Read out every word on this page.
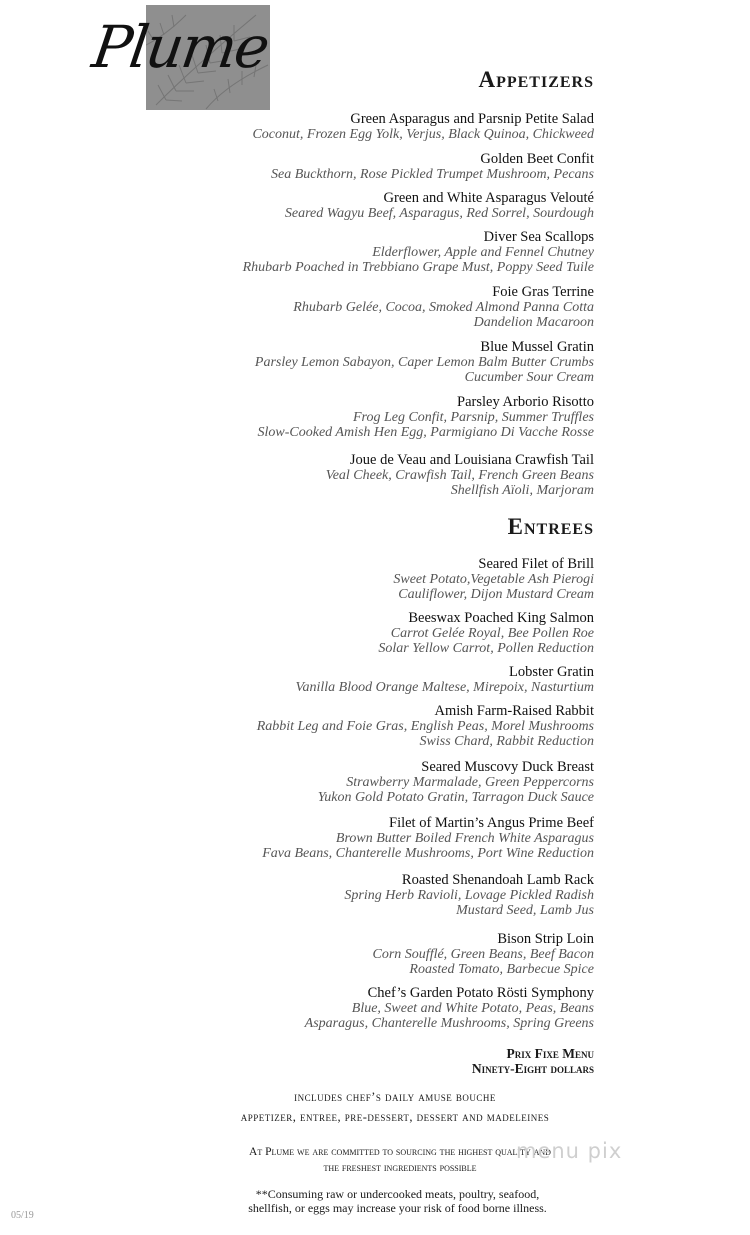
Plume	Appetizers
Green Asparagus and Parsnip Petite Salad
Coconut, Frozen Egg Yolk, Verjus, Black Quinoa, Chickweed
Golden Beet Confit
Sea Buckthorn, Rose Pickled Trumpet Mushroom, Pecans
Green and White Asparagus Velouté
Seared Wagyu Beef, Asparagus, Red Sorrel, Sourdough
Diver Sea Scallops
Elderflower, Apple and Fennel Chutney
Rhubarb Poached in Trebbiano Grape Must, Poppy Seed Tuile
Foie Gras Terrine
Rhubarb Gelée, Cocoa, Smoked Almond Panna Cotta
Dandelion Macaroon
Blue Mussel Gratin
Parsley Lemon Sabayon, Caper Lemon Balm Butter Crumbs
Cucumber Sour Cream
Parsley Arborio Risotto
Frog Leg Confit, Parsnip, Summer Truffles
Slow-Cooked Amish Hen Egg, Parmigiano Di Vacche Rosse
Joue de Veau and Louisiana Crawfish Tail
Veal Cheek, Crawfish Tail, French Green Beans
Shellfish Aïoli, Marjoram
Entrees
Seared Filet of Brill
Sweet Potato,Vegetable Ash Pierogi
Cauliflower, Dijon Mustard Cream
Beeswax Poached King Salmon
Carrot Gelée Royal, Bee Pollen Roe
Solar Yellow Carrot, Pollen Reduction
Lobster Gratin
Vanilla Blood Orange Maltese, Mirepoix, Nasturtium
Amish Farm-Raised Rabbit
Rabbit Leg and Foie Gras, English Peas, Morel Mushrooms
Swiss Chard, Rabbit Reduction
Seared Muscovy Duck Breast
Strawberry Marmalade, Green Peppercorns
Yukon Gold Potato Gratin, Tarragon Duck Sauce
Filet of Martin’s Angus Prime Beef
Brown Butter Boiled French White Asparagus
Fava Beans, Chanterelle Mushrooms, Port Wine Reduction
Roasted Shenandoah Lamb Rack
Spring Herb Ravioli, Lovage Pickled Radish
Mustard Seed, Lamb Jus
Bison Strip Loin
Corn Soufflé, Green Beans, Beef Bacon
Roasted Tomato, Barbecue Spice
Chef’s Garden Potato Rösti Symphony
Blue, Sweet and White Potato, Peas, Beans
Asparagus, Chanterelle Mushrooms, Spring Greens
Prix Fixe Menu
Ninety-Eight dollars
includes chef’s daily amuse bouche
appetizer, entree, pre-dessert, dessert and madeleines
At Plume we are committed to sourcing the highest quality and
the freshest ingredients possible
**Consuming raw or undercooked meats, poultry, seafood,
shellfish, or eggs may increase your risk of food borne illness.
05/19
menu pix
